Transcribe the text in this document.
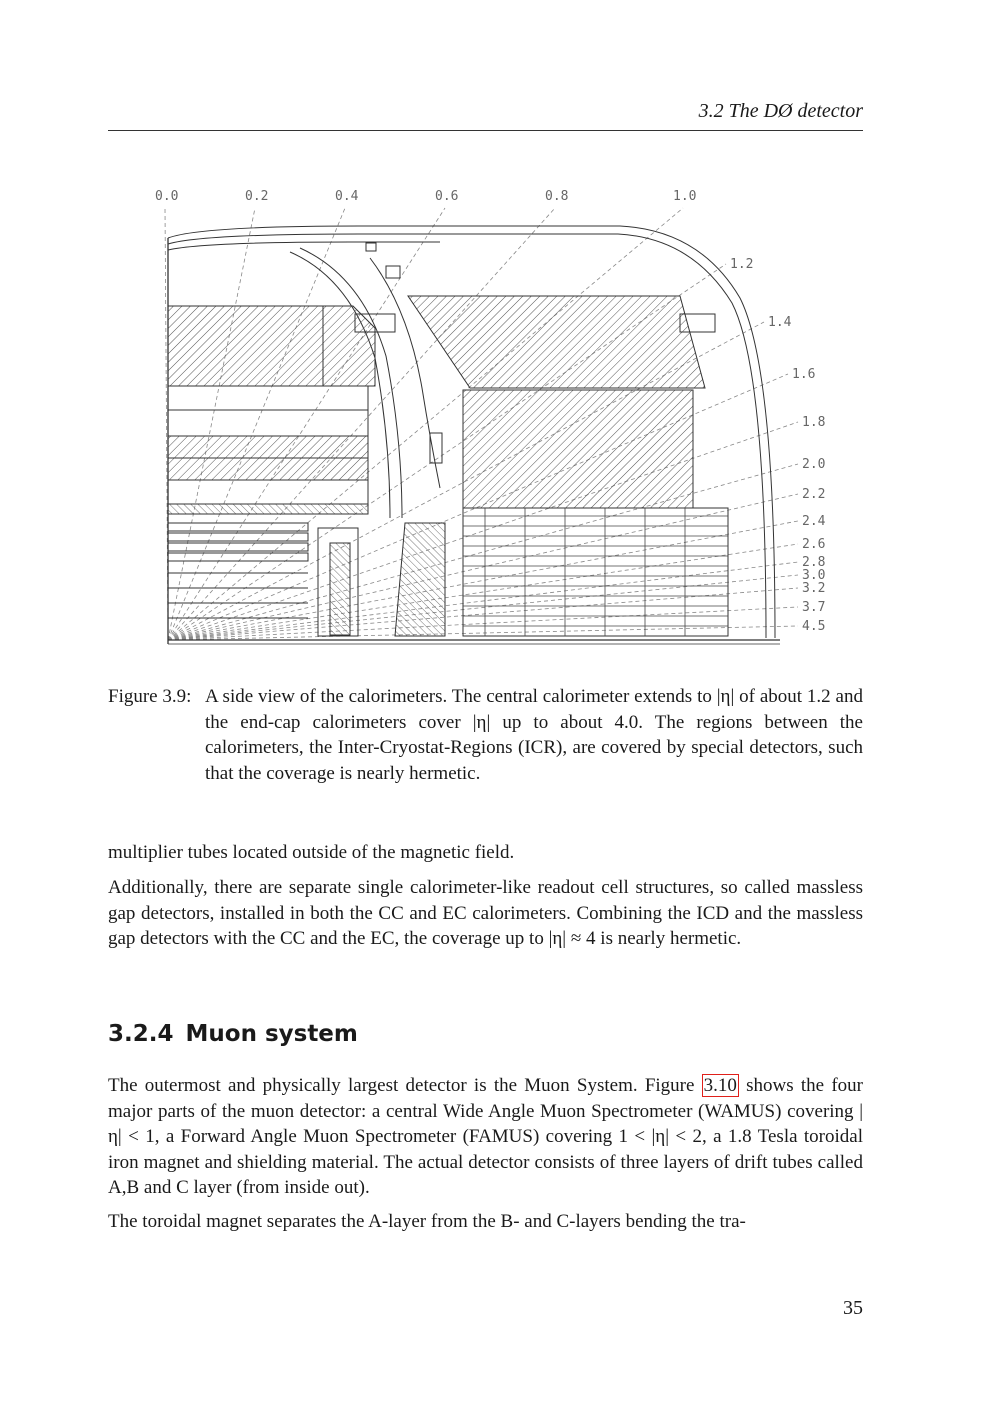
3.2 The DØ detector
0.0	0.2	0.4	0.6	0.8	1.0
1.2
1.4
1.6
1.8
2.0
2.2
2.4
2.6
2.8
3.0
3.2
3.7
4.5
Figure 3.9: A side view of the calorimeters. The central calorimeter extends to |η| of about 1.2 and the end-cap calorimeters cover |η| up to about 4.0. The regions between the calorimeters, the Inter-Cryostat-Regions (ICR), are covered by special detectors, such that the coverage is nearly hermetic.

multiplier tubes located outside of the magnetic field.

Additionally, there are separate single calorimeter-like readout cell structures, so called massless gap detectors, installed in both the CC and EC calorimeters. Combining the ICD and the massless gap detectors with the CC and the EC, the coverage up to |η| ≈ 4 is nearly hermetic.

3.2.4 Muon system

The outermost and physically largest detector is the Muon System. Figure 3.10 shows the four major parts of the muon detector: a central Wide Angle Muon Spectrometer (WAMUS) covering |η| < 1, a Forward Angle Muon Spectrometer (FAMUS) covering 1 < |η| < 2, a 1.8 Tesla toroidal iron magnet and shielding material. The actual detector consists of three layers of drift tubes called A,B and C layer (from inside out).

The toroidal magnet separates the A-layer from the B- and C-layers bending the tra-

35
